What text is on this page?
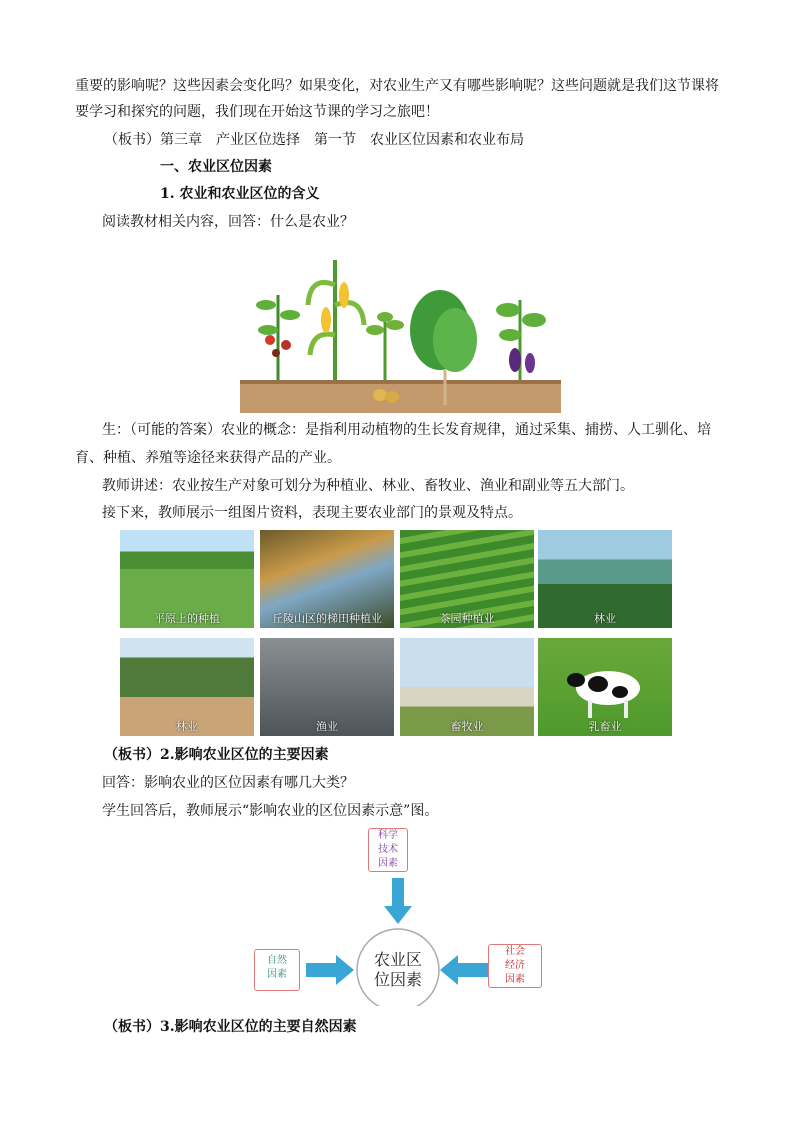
重要的影响呢？这些因素会变化吗？如果变化，对农业生产又有哪些影响呢？这些问题就是我们这节课将
要学习和探究的问题，我们现在开始这节课的学习之旅吧！
（板书）第三章　产业区位选择　第一节　农业区位因素和农业布局
一、农业区位因素
1. 农业和农业区位的含义
阅读教材相关内容，回答：什么是农业？
生：（可能的答案）农业的概念：是指利用动植物的生长发育规律，通过采集、捕捞、人工驯化、培
育、种植、养殖等途径来获得产品的产业。
教师讲述：农业按生产对象可划分为种植业、林业、畜牧业、渔业和副业等五大部门。
接下来，教师展示一组图片资料，表现主要农业部门的景观及特点。
平原上的种植	丘陵山区的梯田种植业	茶园种植业	林业
林业	渔业	畜牧业	乳畜业
（板书）2.影响农业区位的主要因素
回答：影响农业的区位因素有哪几大类？
学生回答后，教师展示“影响农业的区位因素示意”图。
科学
技术
因素
自然
因素
社会
经济
因素
农业区
位因素
（板书）3.影响农业区位的主要自然因素
